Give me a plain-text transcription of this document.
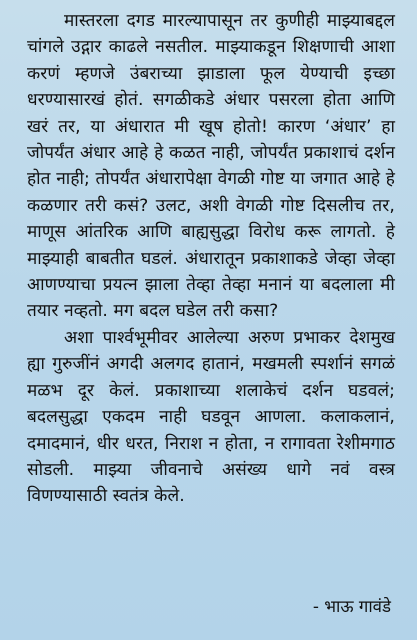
मास्तरला दगड मारल्यापासून तर कुणीही माझ्याबद्दल चांगले उद्गार काढले नसतील. माझ्याकडून शिक्षणाची आशा करणं म्हणजे उंबराच्या झाडाला फूल येण्याची इच्छा धरण्यासारखं होतं. सगळीकडे अंधार पसरला होता आणि खरं तर, या अंधारात मी खूष होतो! कारण ‘अंधार’ हा जोपर्यंत अंधार आहे हे कळत नाही, जोपर्यंत प्रकाशाचं दर्शन होत नाही; तोपर्यंत अंधारापेक्षा वेगळी गोष्ट या जगात आहे हे कळणार तरी कसं? उलट, अशी वेगळी गोष्ट दिसलीच तर, माणूस आंतरिक आणि बाह्यसुद्धा विरोध करू लागतो. हे माझ्याही बाबतीत घडलं. अंधारातून प्रकाशाकडे जेव्हा जेव्हा आणण्याचा प्रयत्न झाला तेव्हा तेव्हा मनानं या बदलाला मी तयार नव्हतो. मग बदल घडेल तरी कसा?

अशा पार्श्वभूमीवर आलेल्या अरुण प्रभाकर देशमुख ह्या गुरुजींनं अगदी अलगद हातानं, मखमली स्पर्शानं सगळं मळभ दूर केलं. प्रकाशाच्या शलाकेचं दर्शन घडवलं; बदलसुद्धा एकदम नाही घडवून आणला. कलाकलानं, दमादमानं, धीर धरत, निराश न होता, न रागावता रेशीमगाठ सोडली. माझ्या जीवनाचे असंख्य धागे नवं वस्त्र विणण्यासाठी स्वतंत्र केले.

- भाऊ गावंडे
